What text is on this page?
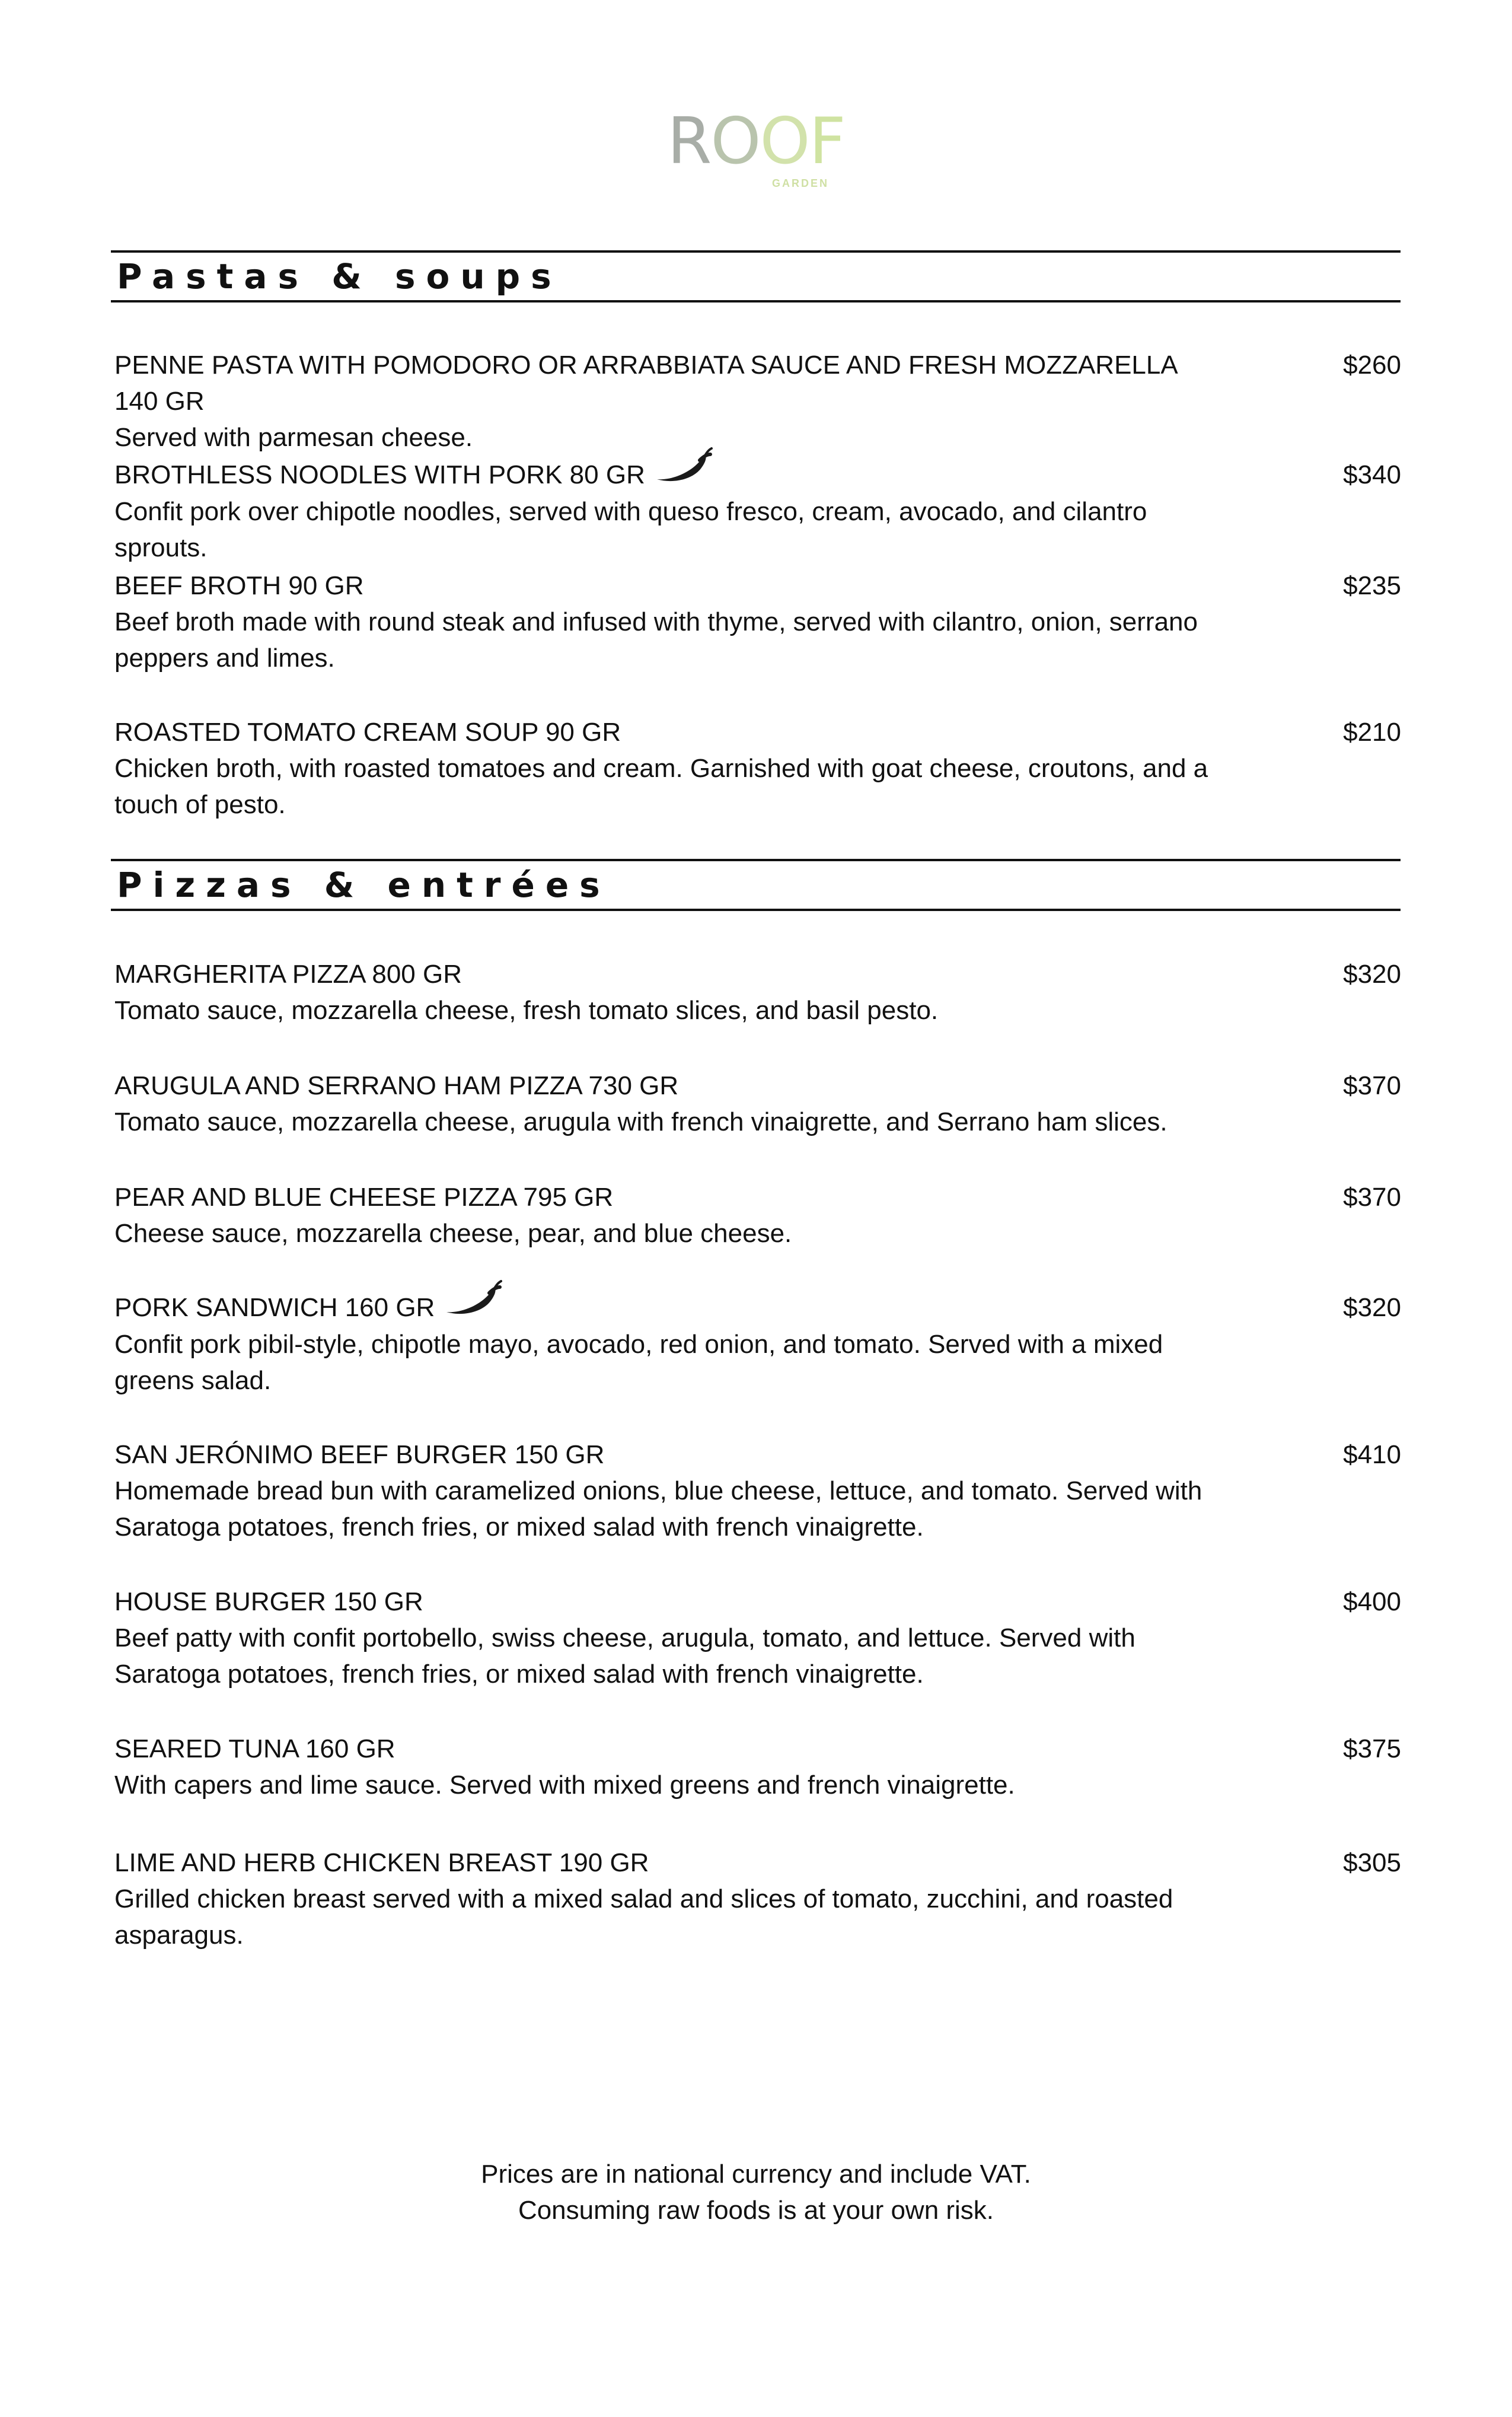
ROOF
GARDEN
Pastas & soups
PENNE PASTA WITH POMODORO OR ARRABBIATA SAUCE AND FRESH MOZZARELLA 140 GR
Served with parmesan cheese.
$260
BROTHLESS NOODLES WITH PORK 80 GR
Confit pork over chipotle noodles, served with queso fresco, cream, avocado, and cilantro sprouts.
$340
BEEF BROTH 90 GR
Beef broth made with round steak and infused with thyme, served with cilantro, onion, serrano peppers and limes.
$235
ROASTED TOMATO CREAM SOUP 90 GR
Chicken broth, with roasted tomatoes and cream. Garnished with goat cheese, croutons, and a touch of pesto.
$210
Pizzas & entrées
MARGHERITA PIZZA 800 GR
Tomato sauce, mozzarella cheese, fresh tomato slices, and basil pesto.
$320
ARUGULA AND SERRANO HAM PIZZA 730 GR
Tomato sauce, mozzarella cheese, arugula with french vinaigrette, and Serrano ham slices.
$370
PEAR AND BLUE CHEESE PIZZA 795 GR
Cheese sauce, mozzarella cheese, pear, and blue cheese.
$370
PORK SANDWICH 160 GR
Confit pork pibil-style, chipotle mayo, avocado, red onion, and tomato. Served with a mixed greens salad.
$320
SAN JERÓNIMO BEEF BURGER 150 GR
Homemade bread bun with caramelized onions, blue cheese, lettuce, and tomato. Served with Saratoga potatoes, french fries, or mixed salad with french vinaigrette.
$410
HOUSE BURGER 150 GR
Beef patty with confit portobello, swiss cheese, arugula, tomato, and lettuce. Served with Saratoga potatoes, french fries, or mixed salad with french vinaigrette.
$400
SEARED TUNA 160 GR
With capers and lime sauce. Served with mixed greens and french vinaigrette.
$375
LIME AND HERB CHICKEN BREAST 190 GR
Grilled chicken breast served with a mixed salad and slices of tomato, zucchini, and roasted asparagus.
$305
Prices are in national currency and include VAT.
Consuming raw foods is at your own risk.
